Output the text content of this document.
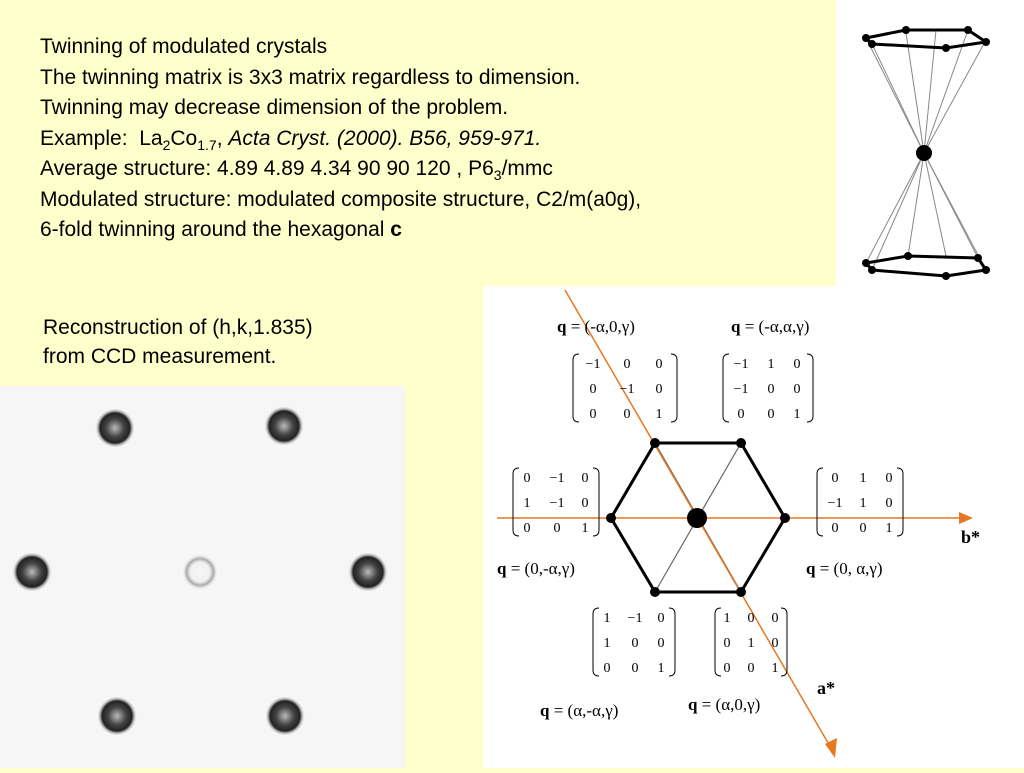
Twinning of modulated crystals
The twinning matrix is 3x3 matrix regardless to dimension.
Twinning may decrease dimension of the problem.
Example: $La_2Co_{1.7}$, Acta Cryst. (2000). B56, 959-971.
Average structure: 4.89 4.89 4.34 90 90 120 , $P6_3$/mmc
Modulated structure: modulated composite structure, C2/m(a0g),
6-fold twinning around the hexagonal c
Reconstruction of (h,k,1.835)
from CCD measurement.
b*
a*
q = (-α,0,γ)	q = (-α,α,γ)
q = (0,-α,γ)	q = (0, α,γ)
q = (α,-α,γ)	q = (α,0,γ)
−1 0 0
0 −1 0
0 0 1
−1 1 0
−1 0 0
0 0 1
0 −1 0
1 −1 0
0 0 1
0 1 0
−1 1 0
0 0 1
1 −1 0
1 0 0
0 0 1
1 0 0
0 1 0
0 0 1
